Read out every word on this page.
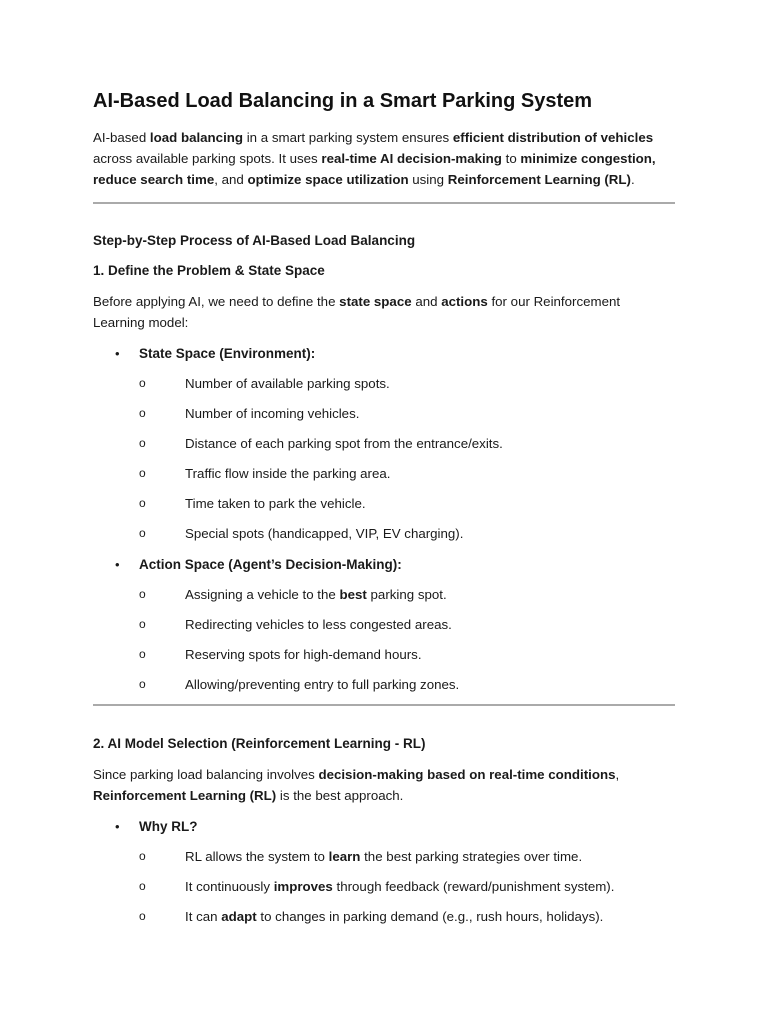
AI-Based Load Balancing in a Smart Parking System

AI-based load balancing in a smart parking system ensures efficient distribution of vehicles across available parking spots. It uses real-time AI decision-making to minimize congestion, reduce search time, and optimize space utilization using Reinforcement Learning (RL).

Step-by-Step Process of AI-Based Load Balancing
1. Define the Problem & State Space

Before applying AI, we need to define the state space and actions for our Reinforcement Learning model:

• State Space (Environment):
o	Number of available parking spots.
o	Number of incoming vehicles.
o	Distance of each parking spot from the entrance/exits.
o	Traffic flow inside the parking area.
o	Time taken to park the vehicle.
o	Special spots (handicapped, VIP, EV charging).
• Action Space (Agent’s Decision-Making):
o	Assigning a vehicle to the best parking spot.
o	Redirecting vehicles to less congested areas.
o	Reserving spots for high-demand hours.
o	Allowing/preventing entry to full parking zones.
2. AI Model Selection (Reinforcement Learning - RL)

Since parking load balancing involves decision-making based on real-time conditions, Reinforcement Learning (RL) is the best approach.

• Why RL?
o	RL allows the system to learn the best parking strategies over time.
o	It continuously improves through feedback (reward/punishment system).
o	It can adapt to changes in parking demand (e.g., rush hours, holidays).
